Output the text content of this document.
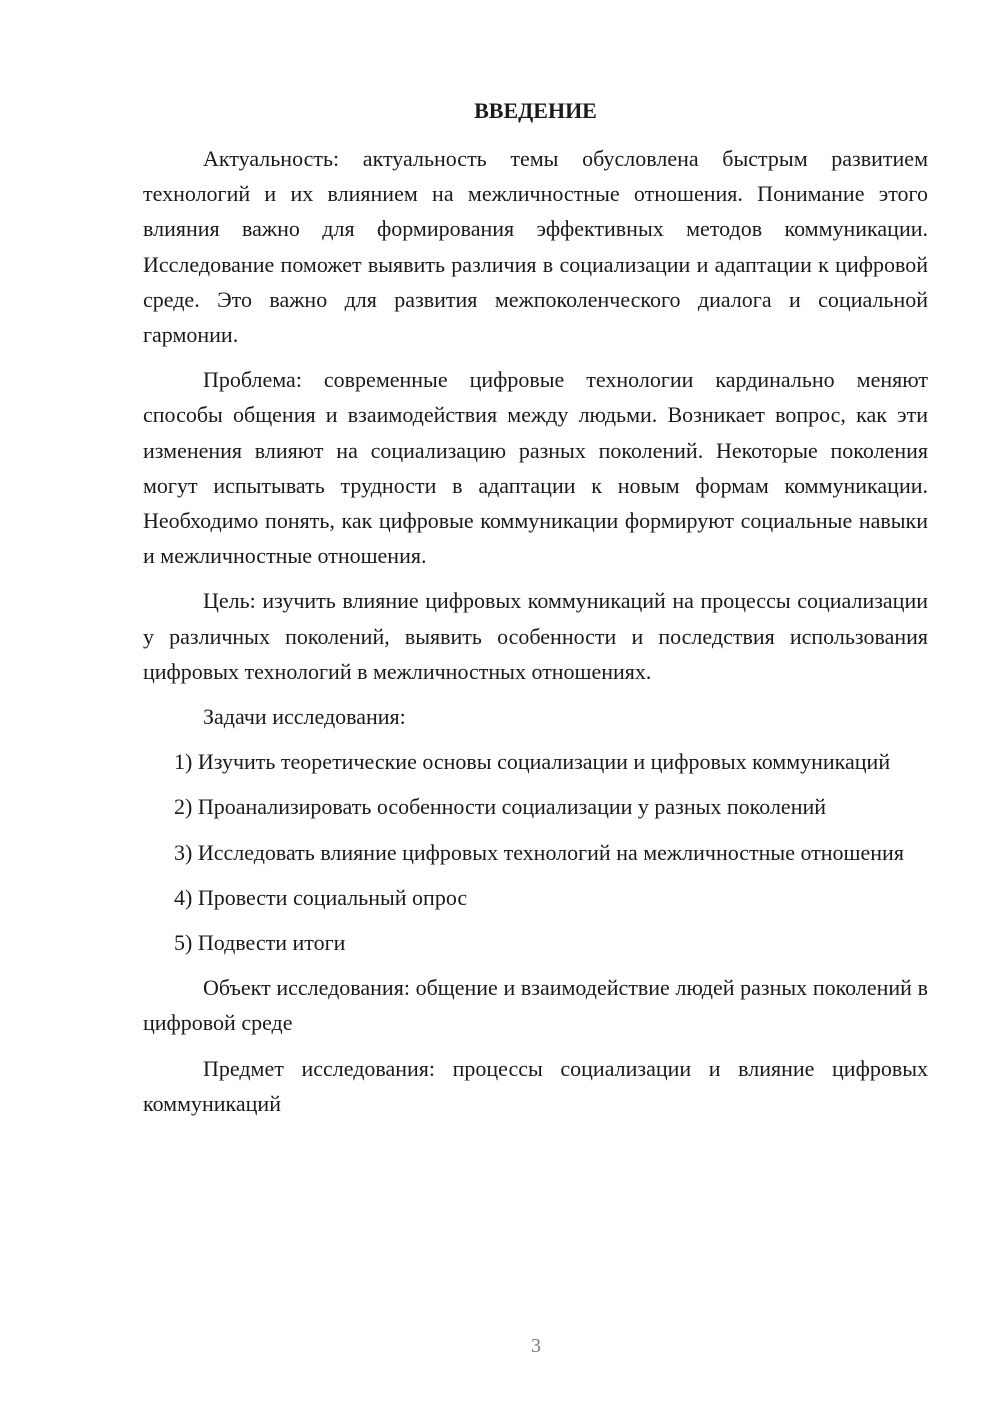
ВВЕДЕНИЕ

Актуальность: актуальность темы обусловлена быстрым развитием технологий и их влиянием на межличностные отношения. Понимание этого влияния важно для формирования эффективных методов коммуникации. Исследование поможет выявить различия в социализации и адаптации к цифровой среде. Это важно для развития межпоколенческого диалога и социальной гармонии.

Проблема: современные цифровые технологии кардинально меняют способы общения и взаимодействия между людьми. Возникает вопрос, как эти изменения влияют на социализацию разных поколений. Некоторые поколения могут испытывать трудности в адаптации к новым формам коммуникации. Необходимо понять, как цифровые коммуникации формируют социальные навыки и межличностные отношения.

Цель: изучить влияние цифровых коммуникаций на процессы социализации у различных поколений, выявить особенности и последствия использования цифровых технологий в межличностных отношениях.

Задачи исследования:

1) Изучить теоретические основы социализации и цифровых коммуникаций

2) Проанализировать особенности социализации у разных поколений

3) Исследовать влияние цифровых технологий на межличностные отношения

4) Провести социальный опрос

5) Подвести итоги

Объект исследования: общение и взаимодействие людей разных поколений в цифровой среде

Предмет исследования: процессы социализации и влияние цифровых коммуникаций

3
